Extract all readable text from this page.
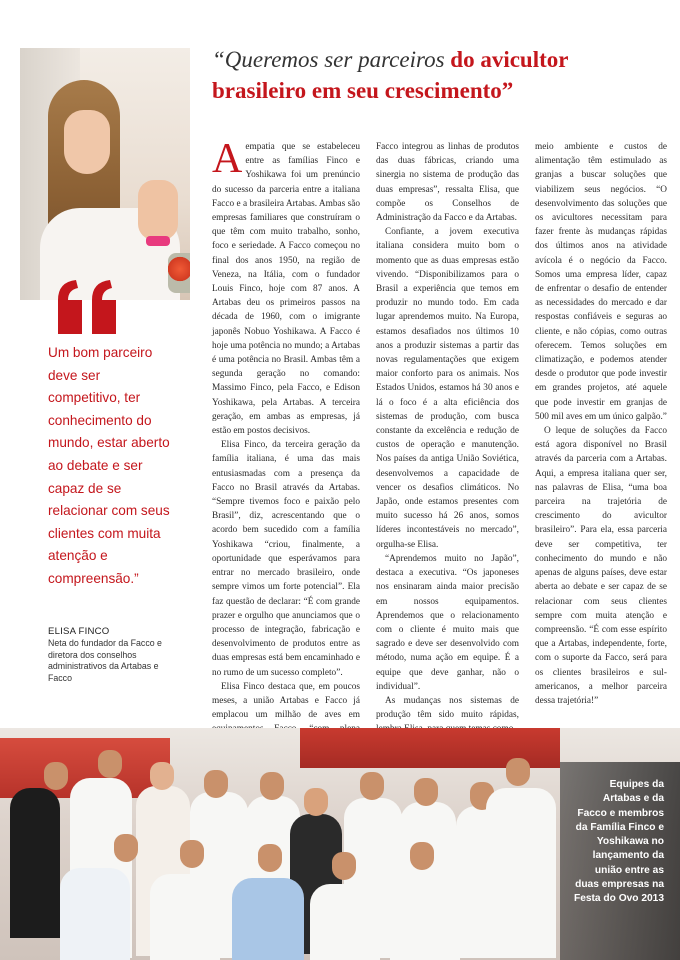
Um bom parceiro deve ser competitivo, ter conhecimento do mundo, estar aberto ao debate e ser capaz de se relacionar com seus clientes com muita atenção e compreensão.”
ELISA FINCO
Neta do fundador da Facco e diretora dos conselhos administrativos da Artabas e Facco
“Queremos ser parceiros do avicultor brasileiro em seu crescimento”

Aempatia que se estabeleceu entre as famílias Finco e Yoshikawa foi um prenúncio do sucesso da parceria entre a italiana Facco e a brasileira Artabas. Ambas são empresas familiares que construíram o que têm com muito trabalho, sonho, foco e seriedade. A Facco começou no final dos anos 1950, na região de Veneza, na Itália, com o fundador Louis Finco, hoje com 87 anos. A Artabas deu os primeiros passos na década de 1960, com o imigrante japonês Nobuo Yoshikawa. A Facco é hoje uma potência no mundo; a Artabas é uma potência no Brasil. Ambas têm a segunda geração no comando: Massimo Finco, pela Facco, e Edison Yoshikawa, pela Artabas. A terceira geração, em ambas as empresas, já estão em postos decisivos.

Elisa Finco, da terceira geração da família italiana, é uma das mais entusiasmadas com a presença da Facco no Brasil através da Artabas. “Sempre tivemos foco e paixão pelo Brasil”, diz, acrescentando que o acordo bem sucedido com a família Yoshikawa “criou, finalmente, a oportunidade que esperávamos para entrar no mercado brasileiro, onde sempre vimos um forte potencial”. Ela faz questão de declarar: “É com grande prazer e orgulho que anunciamos que o processo de integração, fabricação e desenvolvimento de produtos entre as duas empresas está bem encaminhado e no rumo de um sucesso completo”.

Elisa Finco destaca que, em poucos meses, a união Artabas e Facco já emplacou um milhão de aves em

Facco integrou as linhas de produtos das duas fábricas, criando uma sinergia no sistema de produção das duas empresas”, ressalta Elisa, que compõe os Conselhos de Administração da Facco e da Artabas.

Confiante, a jovem executiva italiana considera muito bom o momento que as duas empresas estão vivendo. “Disponibilizamos para o Brasil a experiência que temos em produzir no mundo todo. Em cada lugar aprendemos muito. Na Europa, estamos desafiados nos últimos 10 anos a produzir sistemas a partir das novas regulamentações que exigem maior conforto para os animais. Nos Estados Unidos, estamos há 30 anos e lá o foco é a alta eficiência dos sistemas de produção, com busca constante da excelência e redução de custos de operação e manutenção. Nos países da antiga União Soviética, desenvolvemos a capacidade de vencer os desafios climáticos. No Japão, onde estamos presentes com muito sucesso há 26 anos, somos líderes incontestáveis no mercado”, orgulha-se Elisa.

“Aprendemos muito no Japão”, destaca a executiva. “Os japoneses nos ensinaram ainda maior precisão em nossos equipamentos. Aprendemos que o relacionamento com o cliente é muito mais que sagrado e deve ser desenvolvido com método, numa ação em equipe. É a equipe que deve ganhar, não o individual”.

As mudanças nos sistemas de produção têm sido muito rápidas,

meio ambiente e custos de alimentação têm estimulado as granjas a buscar soluções que viabilizem seus negócios. “O desenvolvimento das soluções que os avicultores necessitam para fazer frente às mudanças rápidas dos últimos anos na atividade avícola é o negócio da Facco. Somos uma empresa líder, capaz de enfrentar o desafio de entender as necessidades do mercado e dar respostas confiáveis e seguras ao cliente, e não cópias, como outras oferecem. Temos soluções em climatização, e podemos atender desde o produtor que pode investir em grandes projetos, até aquele que pode investir em granjas de 500 mil aves em um único galpão.”

O leque de soluções da Facco está agora disponível no Brasil através da parceria com a Artabas. Aqui, a empresa italiana quer ser, nas palavras de Elisa, “uma boa parceira na trajetória de crescimento do avicultor brasileiro”. Para ela, essa parceria deve ser competitiva, ter conhecimento do mundo e não apenas de alguns países, deve estar aberta ao debate e ser capaz de se relacionar com seus clientes sempre com muita atenção e compreensão. “É com esse espírito que a Artabas, independente, forte, com o suporte da Facco, será para os clientes brasileiros e sul-americanos, a melhor parceira dessa trajetória!”

Equipes da Artabas e da Facco e membros da Família Finco e Yoshikawa no lançamento da união entre as duas empresas na Festa do Ovo 2013
